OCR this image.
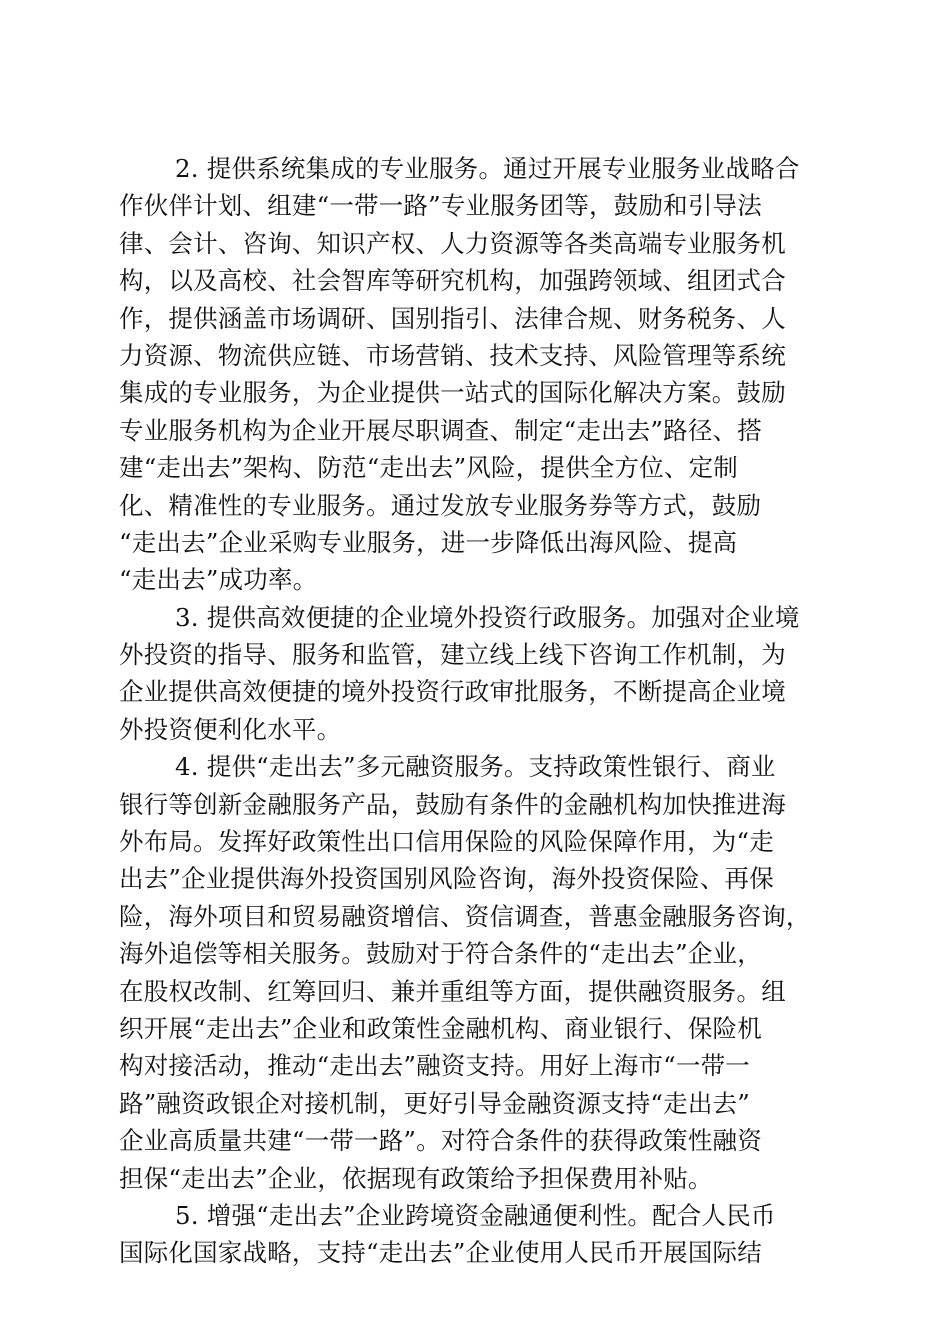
2. 提供系统集成的专业服务。通过开展专业服务业战略合
作伙伴计划、组建“一带一路”专业服务团等，鼓励和引导法
律、会计、咨询、知识产权、人力资源等各类高端专业服务机
构，以及高校、社会智库等研究机构，加强跨领域、组团式合
作，提供涵盖市场调研、国别指引、法律合规、财务税务、人
力资源、物流供应链、市场营销、技术支持、风险管理等系统
集成的专业服务，为企业提供一站式的国际化解决方案。鼓励
专业服务机构为企业开展尽职调查、制定“走出去”路径、搭
建“走出去”架构、防范“走出去”风险，提供全方位、定制
化、精准性的专业服务。通过发放专业服务券等方式，鼓励
“走出去”企业采购专业服务，进一步降低出海风险、提高
“走出去”成功率。
3. 提供高效便捷的企业境外投资行政服务。加强对企业境
外投资的指导、服务和监管，建立线上线下咨询工作机制，为
企业提供高效便捷的境外投资行政审批服务，不断提高企业境
外投资便利化水平。
4. 提供“走出去”多元融资服务。支持政策性银行、商业
银行等创新金融服务产品，鼓励有条件的金融机构加快推进海
外布局。发挥好政策性出口信用保险的风险保障作用，为“走
出去”企业提供海外投资国别风险咨询，海外投资保险、再保
险，海外项目和贸易融资增信、资信调查，普惠金融服务咨询，
海外追偿等相关服务。鼓励对于符合条件的“走出去”企业，
在股权改制、红筹回归、兼并重组等方面，提供融资服务。组
织开展“走出去”企业和政策性金融机构、商业银行、保险机
构对接活动，推动“走出去”融资支持。用好上海市“一带一
路”融资政银企对接机制，更好引导金融资源支持“走出去”
企业高质量共建“一带一路”。对符合条件的获得政策性融资
担保“走出去”企业，依据现有政策给予担保费用补贴。
5. 增强“走出去”企业跨境资金融通便利性。配合人民币
国际化国家战略，支持“走出去”企业使用人民币开展国际结
